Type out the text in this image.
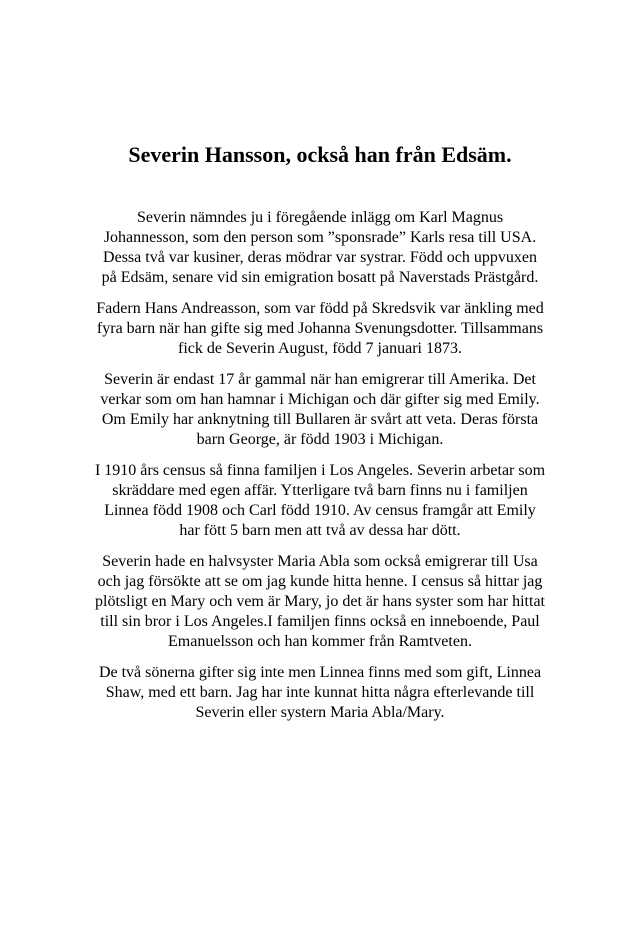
Severin Hansson, också han från Edsäm.

Severin nämndes ju i föregående inlägg om Karl Magnus
Johannesson, som den person som ”sponsrade” Karls resa till USA.
Dessa två var kusiner, deras mödrar var systrar. Född och uppvuxen
på Edsäm, senare vid sin emigration bosatt på Naverstads Prästgård.

Fadern Hans Andreasson, som var född på Skredsvik var änkling med
fyra barn när han gifte sig med Johanna Svenungsdotter. Tillsammans
fick de Severin August, född 7 januari 1873.

Severin är endast 17 år gammal när han emigrerar till Amerika. Det
verkar som om han hamnar i Michigan och där gifter sig med Emily.
Om Emily har anknytning till Bullaren är svårt att veta. Deras första
barn George, är född 1903 i Michigan.

I 1910 års census så finna familjen i Los Angeles. Severin arbetar som
skräddare med egen affär. Ytterligare två barn finns nu i familjen
Linnea född 1908 och Carl född 1910. Av census framgår att Emily
har fött 5 barn men att två av dessa har dött.

Severin hade en halvsyster Maria Abla som också emigrerar till Usa
och jag försökte att se om jag kunde hitta henne. I census så hittar jag
plötsligt en Mary och vem är Mary, jo det är hans syster som har hittat
till sin bror i Los Angeles.I familjen finns också en inneboende, Paul
Emanuelsson och han kommer från Ramtveten.

De två sönerna gifter sig inte men Linnea finns med som gift, Linnea
Shaw, med ett barn. Jag har inte kunnat hitta några efterlevande till
Severin eller systern Maria Abla/Mary.
